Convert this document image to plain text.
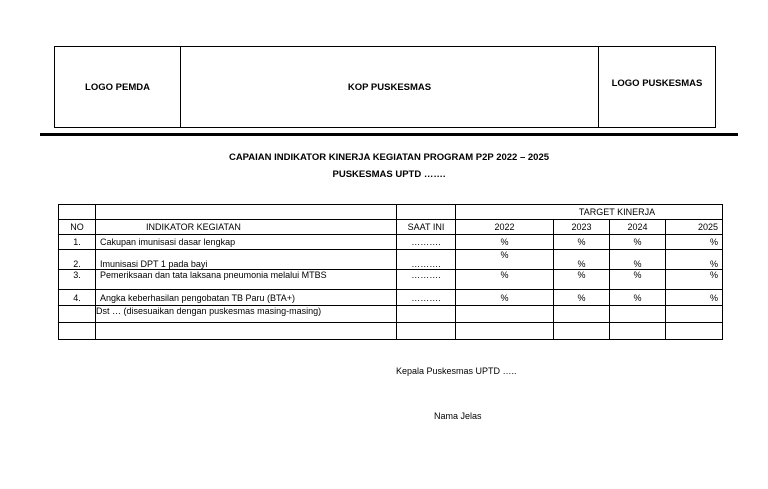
LOGO PEMDA	KOP PUSKESMAS	LOGO PUSKESMAS
CAPAIAN INDIKATOR KINERJA KEGIATAN PROGRAM P2P 2022 – 2025
PUSKESMAS UPTD …….
			TARGET KINERJA			
NO	INDIKATOR KEGIATAN	SAAT INI	2022	2023	2024	2025
1.	Cakupan imunisasi dasar lengkap	……….	%	%	%	%
2.	Imunisasi DPT 1 pada bayi	……….	%	%	%	%
3.	Pemeriksaan dan tata laksana pneumonia melalui MTBS	……….	%	%	%	%
4.	Angka keberhasilan pengobatan TB Paru (BTA+)	……….	%	%	%	%
	Dst … (disesuaikan dengan puskesmas masing-masing)					

Kepala Puskesmas UPTD …..
Nama Jelas
